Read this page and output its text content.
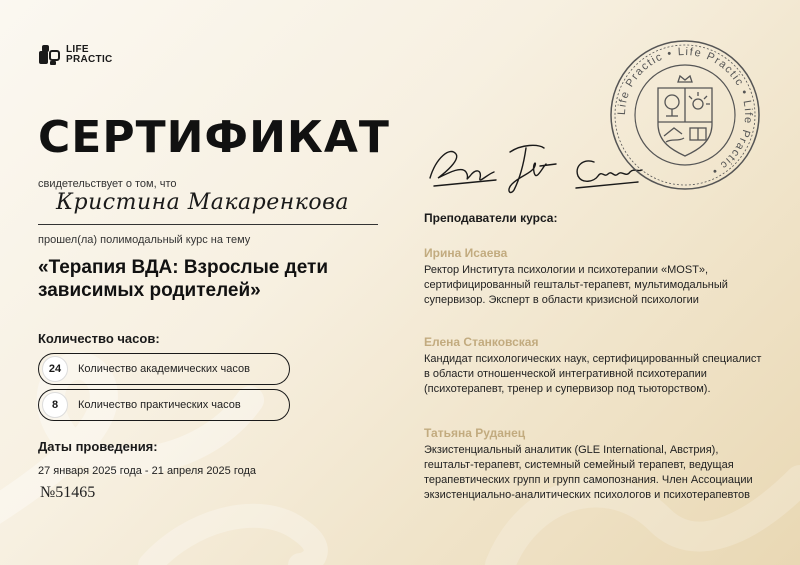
LIFE
PRACTIC
СЕРТИФИКАТ
свидетельствует о том, что
Кристина Макаренкова
прошел(ла) полимодальный курс на тему
«Терапия ВДА: Взрослые дети зависимых родителей»
Количество часов:
24	Количество академических часов
8	Количество практических часов
Даты проведения:
27 января 2025 года - 21 апреля 2025 года
№51465
Life Practic • Life Practic • Life Practic •
Преподаватели курса:
Ирина Исаева
Ректор Института психологии и психотерапии «MOST», сертифицированный гештальт-терапевт, мультимодальный супервизор. Эксперт в области кризисной психологии
Елена Станковская
Кандидат психологических наук, сертифицированный специалист в области отношенческой интегративной психотерапии (психотерапевт, тренер и супервизор под тьюторством).
Татьяна Руданец
Экзистенциальный аналитик (GLE International, Австрия), гештальт-терапевт, системный семейный терапевт, ведущая терапевтических групп и групп самопознания. Член Ассоциации экзистенциально-аналитических психологов и психотерапевтов
